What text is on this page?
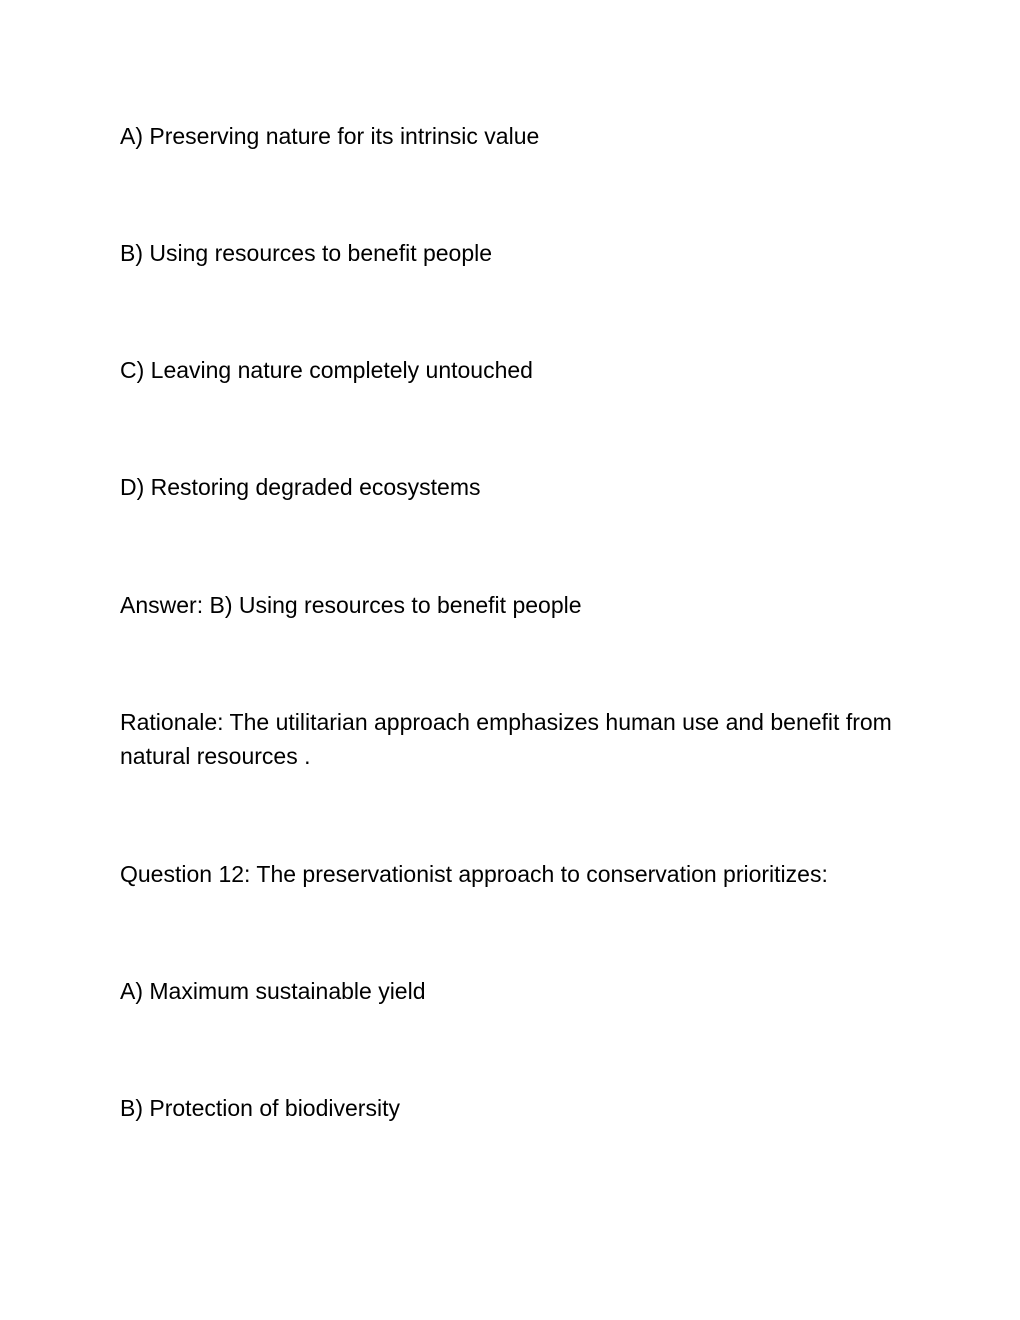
A) Preserving nature for its intrinsic value
B) Using resources to benefit people
C) Leaving nature completely untouched
D) Restoring degraded ecosystems
Answer: B) Using resources to benefit people
Rationale: The utilitarian approach emphasizes human use and benefit from natural resources .
Question 12: The preservationist approach to conservation prioritizes:
A) Maximum sustainable yield
B) Protection of biodiversity
